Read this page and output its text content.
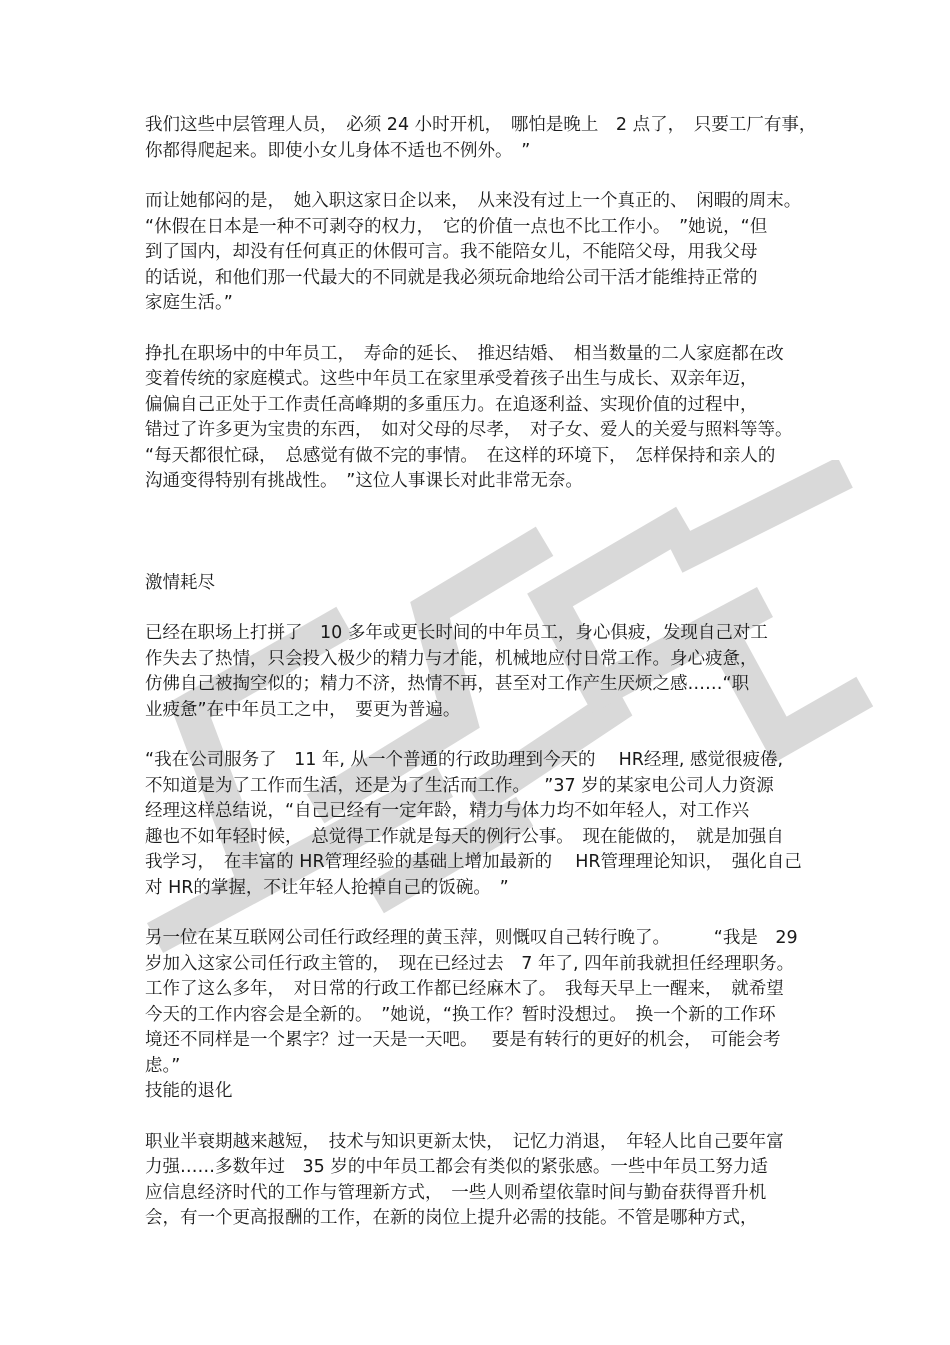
我们这些中层管理人员，　必须 24 小时开机，　哪怕是晚上　2 点了，　只要工厂有事，
你都得爬起来。即使小女儿身体不适也不例外。　”
而让她郁闷的是，　她入职这家日企以来，　从来没有过上一个真正的、　闲暇的周末。
“休假在日本是一种不可剥夺的权力，　它的价值一点也不比工作小。　”她说，“但
到了国内，却没有任何真正的休假可言。我不能陪女儿，不能陪父母，用我父母
的话说，和他们那一代最大的不同就是我必须玩命地给公司干活才能维持正常的
家庭生活。”
挣扎在职场中的中年员工，　寿命的延长、　推迟结婚、　相当数量的二人家庭都在改
变着传统的家庭模式。这些中年员工在家里承受着孩子出生与成长、双亲年迈，
偏偏自己正处于工作责任高峰期的多重压力。在追逐利益、实现价值的过程中，
错过了许多更为宝贵的东西，　如对父母的尽孝，　对子女、爱人的关爱与照料等等。
“每天都很忙碌，　总感觉有做不完的事情。　在这样的环境下，　怎样保持和亲人的
沟通变得特别有挑战性。　”这位人事课长对此非常无奈。
激情耗尽
已经在职场上打拼了　10 多年或更长时间的中年员工，身心俱疲，发现自己对工
作失去了热情，只会投入极少的精力与才能，机械地应付日常工作。身心疲惫，
仿佛自己被掏空似的；精力不济，热情不再，甚至对工作产生厌烦之感……“职
业疲惫”在中年员工之中，　要更为普遍。
“我在公司服务了　11 年, 从一个普通的行政助理到今天的　 HR经理, 感觉很疲倦,
不知道是为了工作而生活，还是为了生活而工作。　 ”37 岁的某家电公司人力资源
经理这样总结说，“自己已经有一定年龄，精力与体力均不如年轻人，对工作兴
趣也不如年轻时候，　总觉得工作就是每天的例行公事。　现在能做的，　就是加强自
我学习，　在丰富的 HR管理经验的基础上增加最新的　 HR管理理论知识，　强化自己
对 HR的掌握，不让年轻人抢掉自己的饭碗。　”
另一位在某互联网公司任行政经理的黄玉萍，则慨叹自己转行晚了。　　　“我是　29
岁加入这家公司任行政主管的，　现在已经过去　7 年了, 四年前我就担任经理职务。
工作了这么多年，　对日常的行政工作都已经麻木了。　我每天早上一醒来，　就希望
今天的工作内容会是全新的。　”她说，“换工作？暂时没想过。　换一个新的工作环
境还不同样是一个累字？过一天是一天吧。　 要是有转行的更好的机会，　可能会考
虑。”
技能的退化
职业半衰期越来越短，　技术与知识更新太快，　记忆力消退，　年轻人比自己要年富
力强……多数年过　35 岁的中年员工都会有类似的紧张感。一些中年员工努力适
应信息经济时代的工作与管理新方式，　一些人则希望依靠时间与勤奋获得晋升机
会，有一个更高报酬的工作，在新的岗位上提升必需的技能。不管是哪种方式，
